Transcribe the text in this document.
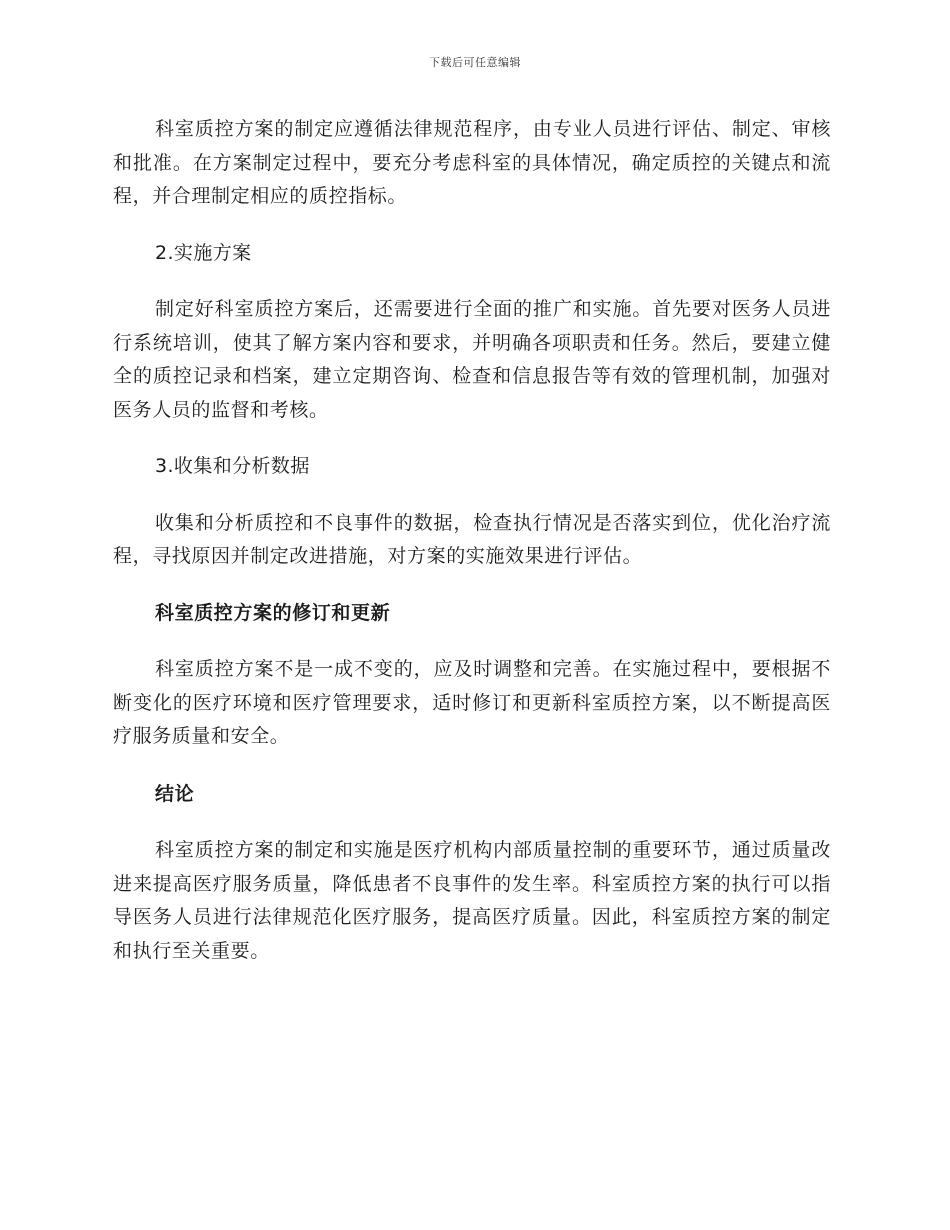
下载后可任意编辑

科室质控方案的制定应遵循法律规范程序，由专业人员进行评估、制定、审核和批准。在方案制定过程中，要充分考虑科室的具体情况，确定质控的关键点和流程，并合理制定相应的质控指标。

2.实施方案

制定好科室质控方案后，还需要进行全面的推广和实施。首先要对医务人员进行系统培训，使其了解方案内容和要求，并明确各项职责和任务。然后，要建立健全的质控记录和档案，建立定期咨询、检查和信息报告等有效的管理机制，加强对医务人员的监督和考核。

3.收集和分析数据

收集和分析质控和不良事件的数据，检查执行情况是否落实到位，优化治疗流程，寻找原因并制定改进措施，对方案的实施效果进行评估。

科室质控方案的修订和更新

科室质控方案不是一成不变的，应及时调整和完善。在实施过程中，要根据不断变化的医疗环境和医疗管理要求，适时修订和更新科室质控方案，以不断提高医疗服务质量和安全。

结论

科室质控方案的制定和实施是医疗机构内部质量控制的重要环节，通过质量改进来提高医疗服务质量，降低患者不良事件的发生率。科室质控方案的执行可以指导医务人员进行法律规范化医疗服务，提高医疗质量。因此，科室质控方案的制定和执行至关重要。
